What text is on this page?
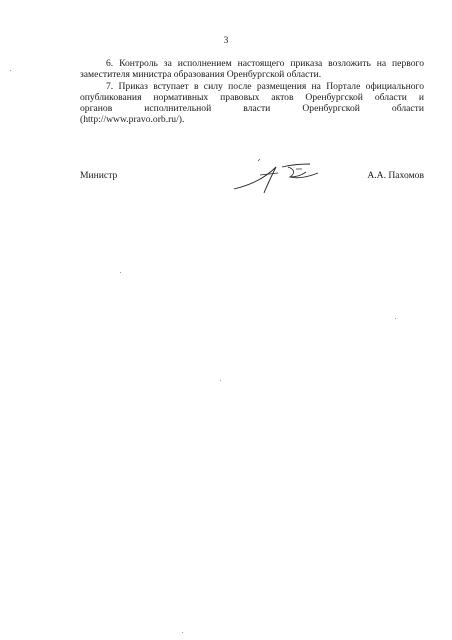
3

6. Контроль за исполнением настоящего приказа возложить на первого
заместителя министра образования Оренбургской области.

7. Приказ вступает в силу после размещения на Портале официального
опубликования нормативных правовых актов Оренбургской области и
органов исполнительной власти Оренбургской области
(http://www.pravo.orb.ru/).

Министр	А.А. Пахомов
